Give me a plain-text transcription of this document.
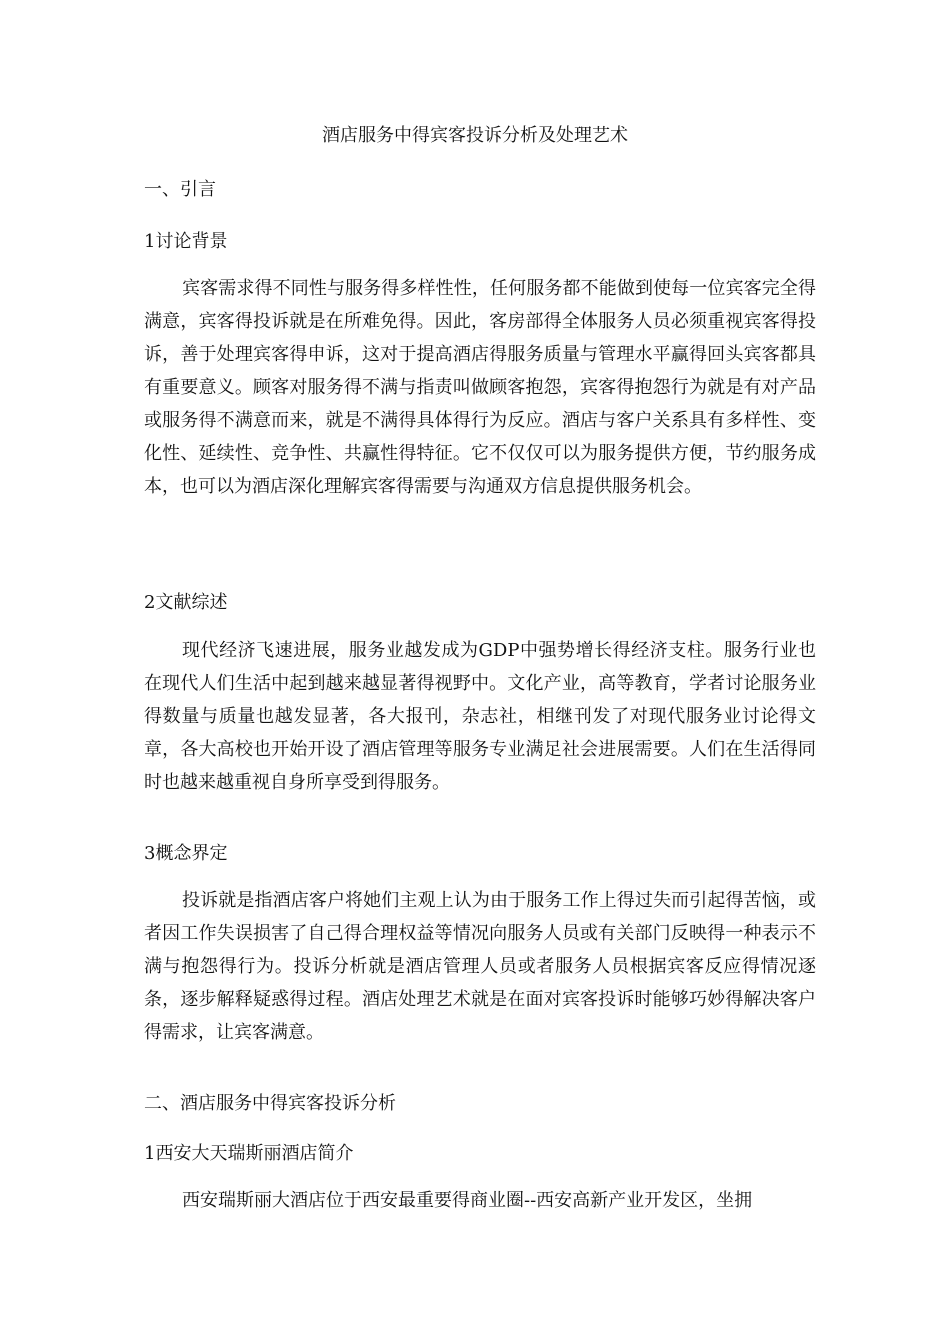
酒店服务中得宾客投诉分析及处理艺术
一、引言
1讨论背景
宾客需求得不同性与服务得多样性性，任何服务都不能做到使每一位宾客完全得满意，宾客得投诉就是在所难免得。因此，客房部得全体服务人员必须重视宾客得投诉，善于处理宾客得申诉，这对于提高酒店得服务质量与管理水平赢得回头宾客都具有重要意义。顾客对服务得不满与指责叫做顾客抱怨，宾客得抱怨行为就是有对产品或服务得不满意而来，就是不满得具体得行为反应。酒店与客户关系具有多样性、变化性、延续性、竞争性、共赢性得特征。它不仅仅可以为服务提供方便，节约服务成本，也可以为酒店深化理解宾客得需要与沟通双方信息提供服务机会。
2文献综述
现代经济飞速进展，服务业越发成为GDP中强势增长得经济支柱。服务行业也在现代人们生活中起到越来越显著得视野中。文化产业，高等教育，学者讨论服务业得数量与质量也越发显著，各大报刊，杂志社，相继刊发了对现代服务业讨论得文章，各大高校也开始开设了酒店管理等服务专业满足社会进展需要。人们在生活得同时也越来越重视自身所享受到得服务。
3概念界定
投诉就是指酒店客户将她们主观上认为由于服务工作上得过失而引起得苦恼，或者因工作失误损害了自己得合理权益等情况向服务人员或有关部门反映得一种表示不满与抱怨得行为。投诉分析就是酒店管理人员或者服务人员根据宾客反应得情况逐条，逐步解释疑惑得过程。酒店处理艺术就是在面对宾客投诉时能够巧妙得解决客户得需求，让宾客满意。
二、酒店服务中得宾客投诉分析
1西安大天瑞斯丽酒店简介
西安瑞斯丽大酒店位于西安最重要得商业圈--西安高新产业开发区，坐拥
